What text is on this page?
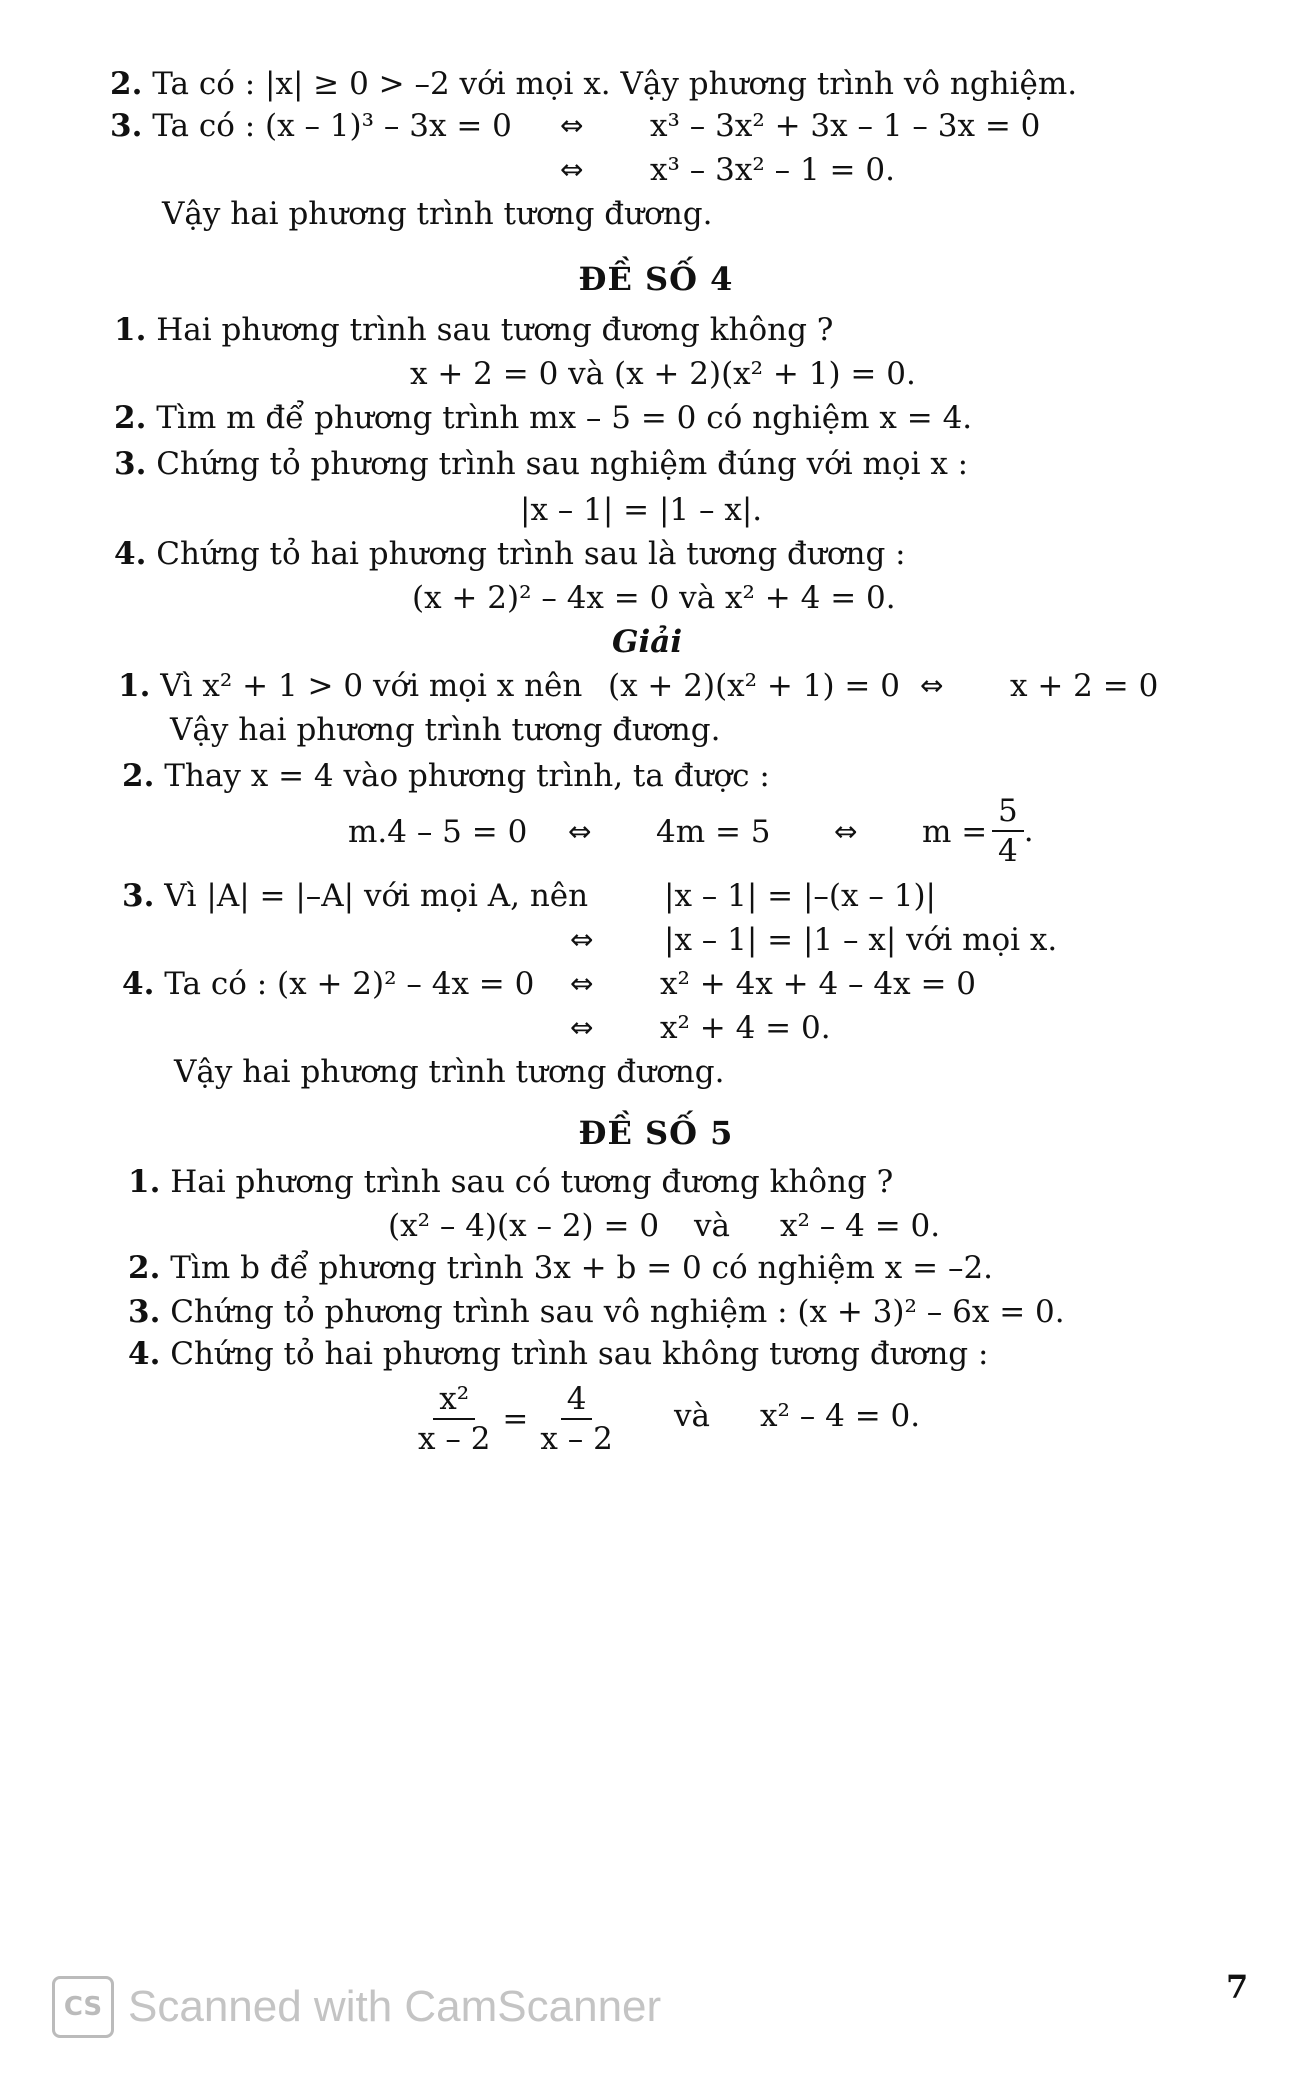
2. Ta có : |x| ≥ 0 > –2 với mọi x. Vậy phương trình vô nghiệm.
3. Ta có : (x – 1)³ – 3x = 0 ⇔ x³ – 3x² + 3x – 1 – 3x = 0
⇔ x³ – 3x² – 1 = 0.
Vậy hai phương trình tương đương.
ĐỀ SỐ 4
1. Hai phương trình sau tương đương không ?
x + 2 = 0 và (x + 2)(x² + 1) = 0.
2. Tìm m để phương trình mx – 5 = 0 có nghiệm x = 4.
3. Chứng tỏ phương trình sau nghiệm đúng với mọi x :
|x – 1| = |1 – x|.
4. Chứng tỏ hai phương trình sau là tương đương :
(x + 2)² – 4x = 0 và x² + 4 = 0.
Giải
1. Vì x² + 1 > 0 với mọi x nên (x + 2)(x² + 1) = 0 ⇔ x + 2 = 0
Vậy hai phương trình tương đương.
2. Thay x = 4 vào phương trình, ta được :
m.4 – 5 = 0 ⇔ 4m = 5 ⇔ $m = \frac{5}{4}$ .
3. Vì |A| = |–A| với mọi A, nên |x – 1| = |–(x – 1)|
⇔ |x – 1| = |1 – x| với mọi x.
4. Ta có : (x + 2)² – 4x = 0 ⇔ x² + 4x + 4 – 4x = 0
⇔ x² + 4 = 0.
Vậy hai phương trình tương đương.
ĐỀ SỐ 5
1. Hai phương trình sau có tương đương không ?
(x² – 4)(x – 2) = 0 và x² – 4 = 0.
2. Tìm b để phương trình 3x + b = 0 có nghiệm x = –2.
3. Chứng tỏ phương trình sau vô nghiệm : (x + 3)² – 6x = 0.
4. Chứng tỏ hai phương trình sau không tương đương :
$\frac{\text{x²}}{x - 2} = \frac{4}{x - 2}$ và x² – 4 = 0.
CS Scanned with CamScanner	7
